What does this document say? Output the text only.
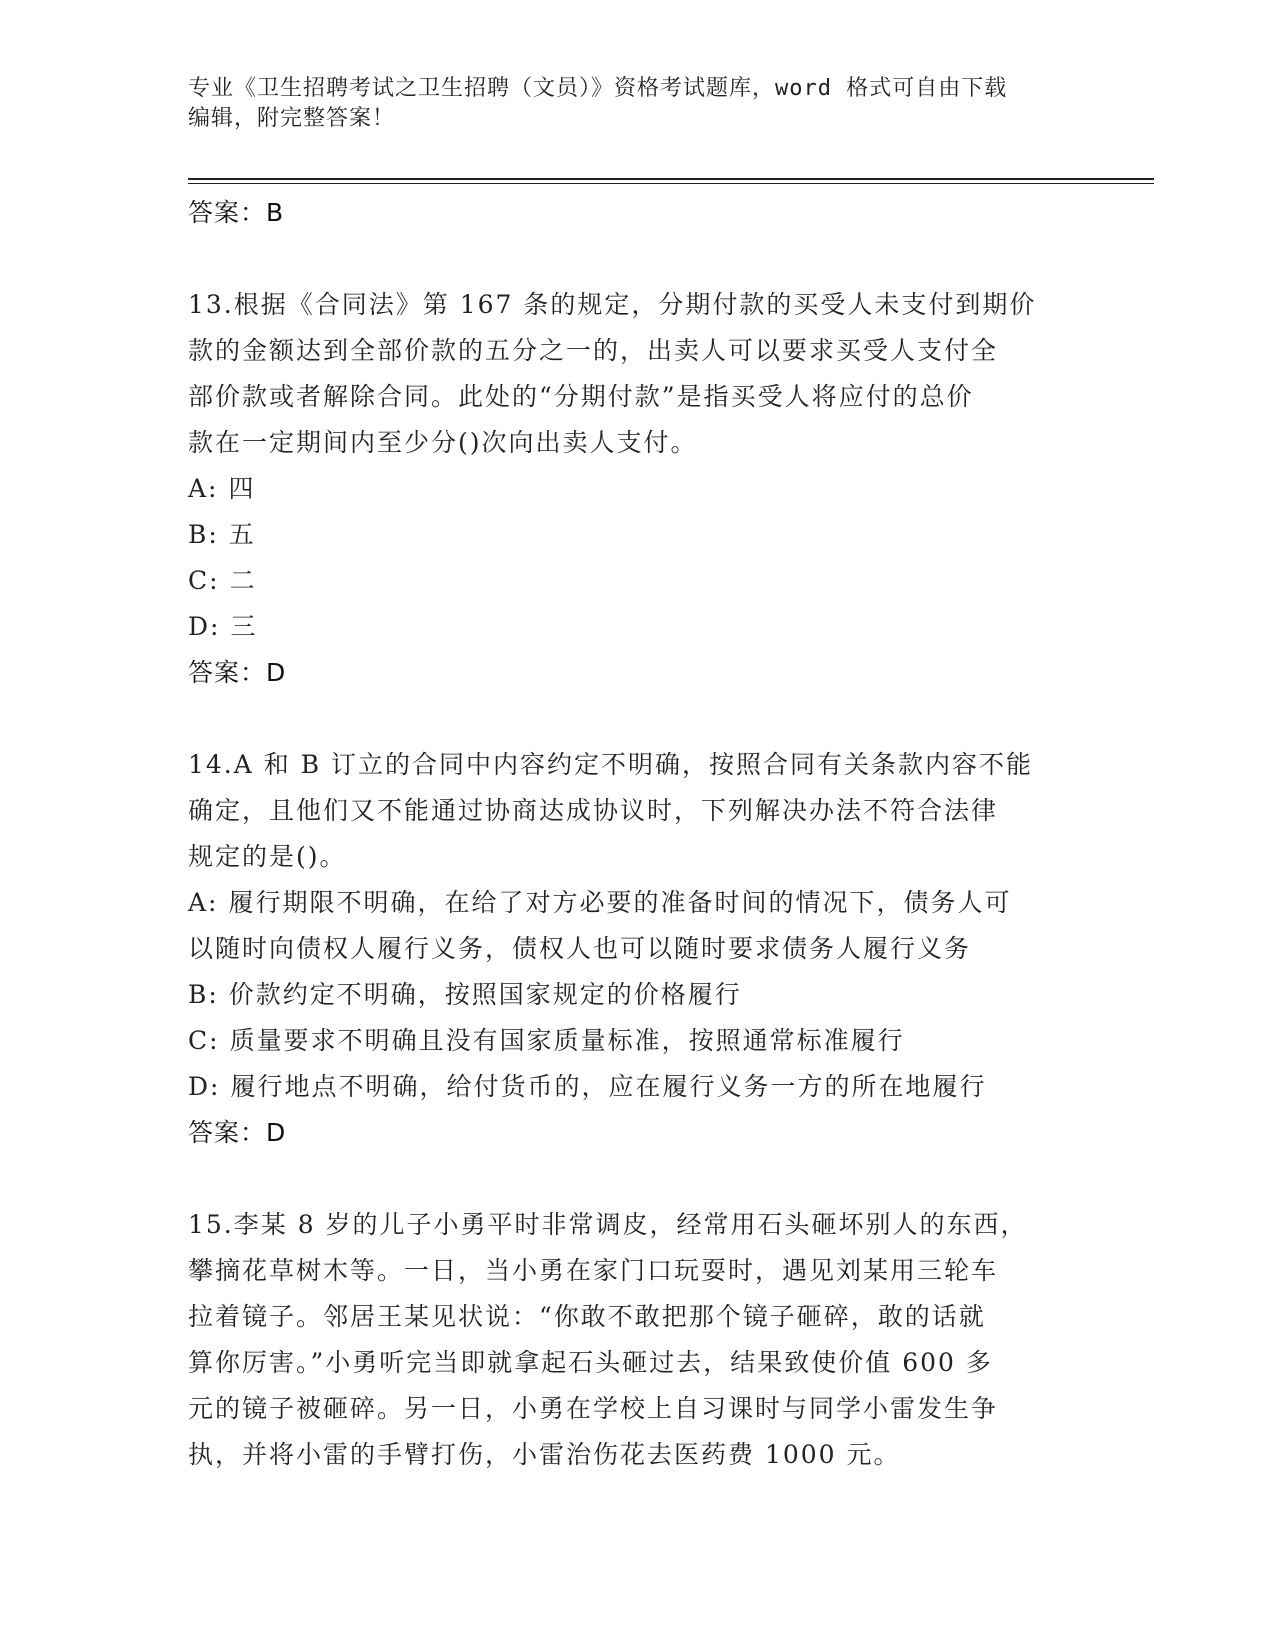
专业《卫生招聘考试之卫生招聘（文员）》资格考试题库，word 格式可自由下载
编辑，附完整答案！
答案：B
13.根据《合同法》第 167 条的规定，分期付款的买受人未支付到期价
款的金额达到全部价款的五分之一的，出卖人可以要求买受人支付全
部价款或者解除合同。此处的“分期付款”是指买受人将应付的总价
款在一定期间内至少分()次向出卖人支付。
A: 四
B: 五
C: 二
D: 三
答案：D
14.A 和 B 订立的合同中内容约定不明确，按照合同有关条款内容不能
确定，且他们又不能通过协商达成协议时，下列解决办法不符合法律
规定的是()。
A: 履行期限不明确，在给了对方必要的准备时间的情况下，债务人可
以随时向债权人履行义务，债权人也可以随时要求债务人履行义务
B: 价款约定不明确，按照国家规定的价格履行
C: 质量要求不明确且没有国家质量标准，按照通常标准履行
D: 履行地点不明确，给付货币的，应在履行义务一方的所在地履行
答案：D
15.李某 8 岁的儿子小勇平时非常调皮，经常用石头砸坏别人的东西，
攀摘花草树木等。一日，当小勇在家门口玩耍时，遇见刘某用三轮车
拉着镜子。邻居王某见状说：“你敢不敢把那个镜子砸碎，敢的话就
算你厉害。”小勇听完当即就拿起石头砸过去，结果致使价值 600 多
元的镜子被砸碎。另一日，小勇在学校上自习课时与同学小雷发生争
执，并将小雷的手臂打伤，小雷治伤花去医药费 1000 元。
